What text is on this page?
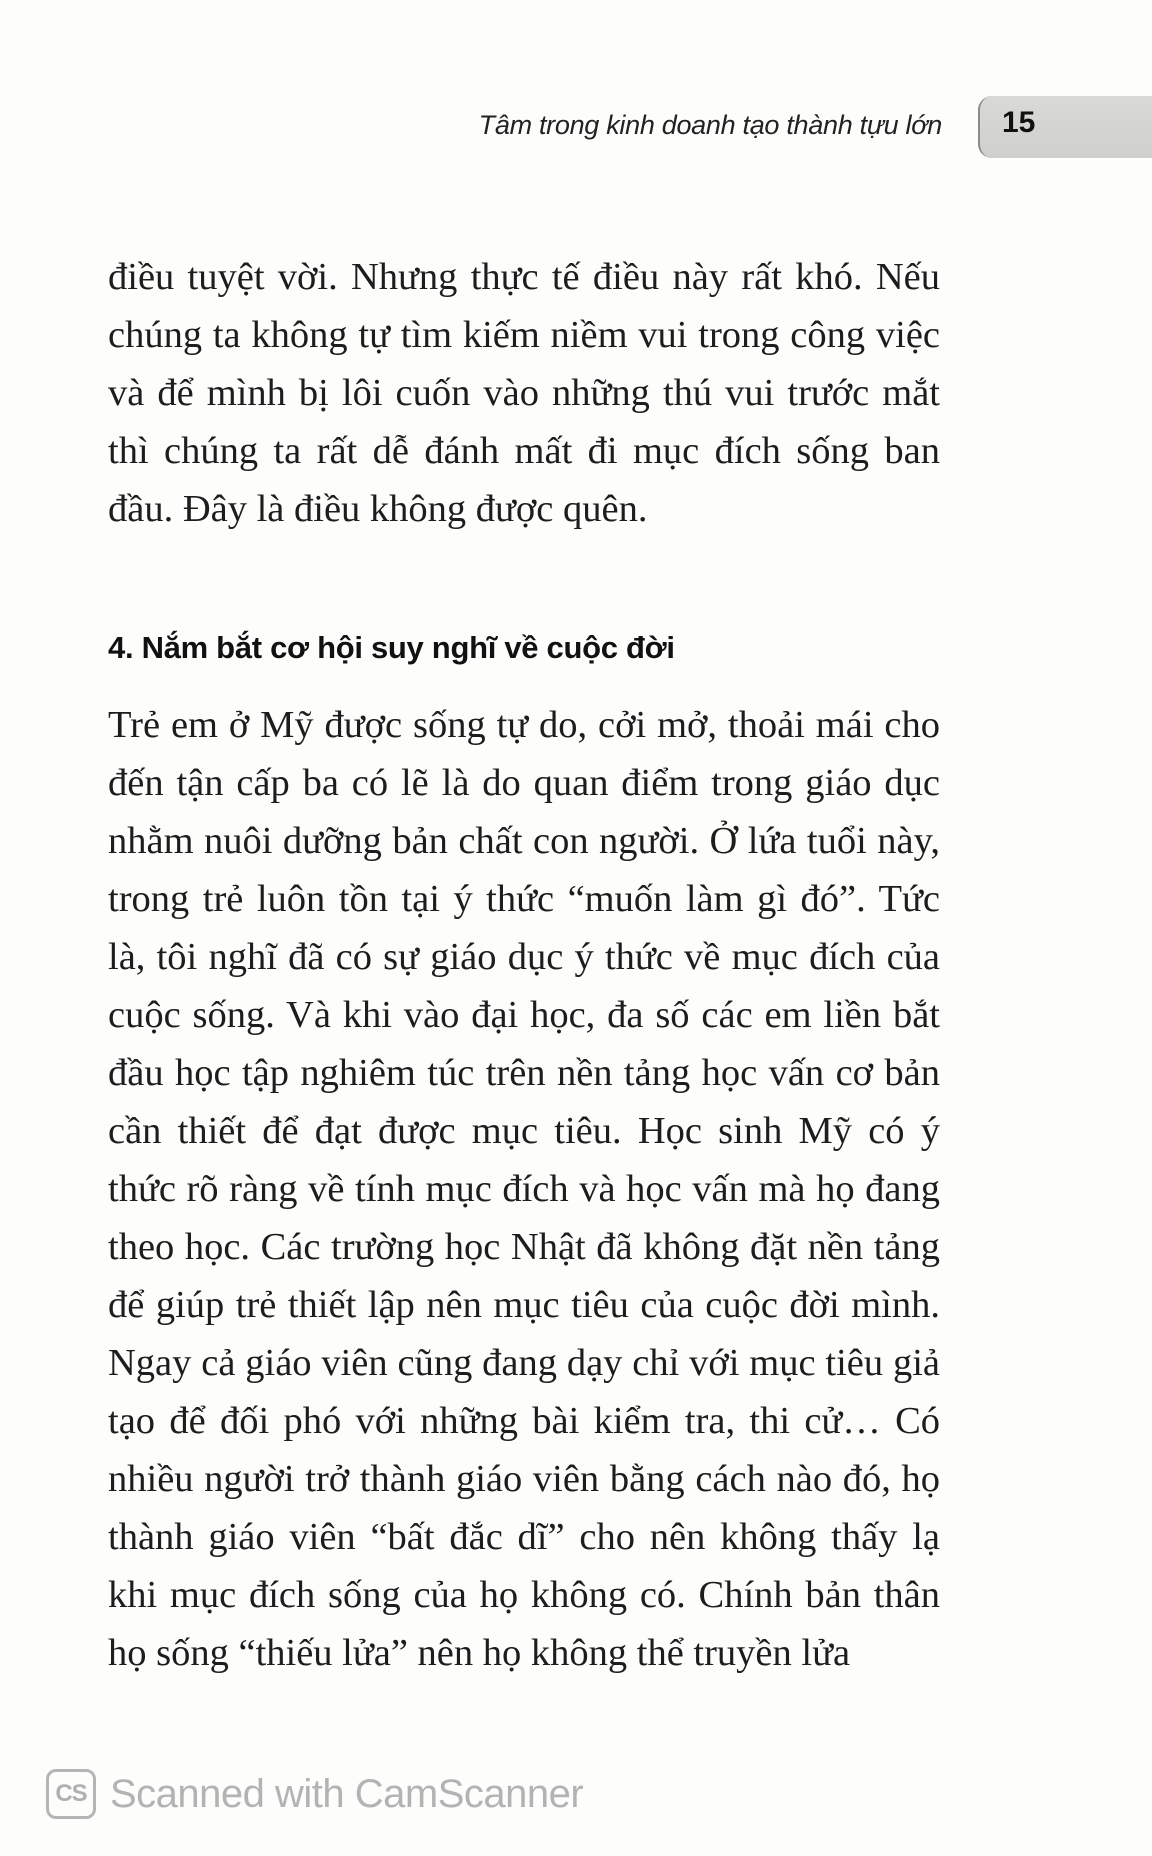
Tâm trong kinh doanh tạo thành tựu lớn 15

điều tuyệt vời. Nhưng thực tế điều này rất khó. Nếu chúng ta không tự tìm kiếm niềm vui trong công việc và để mình bị lôi cuốn vào những thú vui trước mắt thì chúng ta rất dễ đánh mất đi mục đích sống ban đầu. Đây là điều không được quên.

4. Nắm bắt cơ hội suy nghĩ về cuộc đời

Trẻ em ở Mỹ được sống tự do, cởi mở, thoải mái cho đến tận cấp ba có lẽ là do quan điểm trong giáo dục nhằm nuôi dưỡng bản chất con người. Ở lứa tuổi này, trong trẻ luôn tồn tại ý thức “muốn làm gì đó”. Tức là, tôi nghĩ đã có sự giáo dục ý thức về mục đích của cuộc sống. Và khi vào đại học, đa số các em liền bắt đầu học tập nghiêm túc trên nền tảng học vấn cơ bản cần thiết để đạt được mục tiêu. Học sinh Mỹ có ý thức rõ ràng về tính mục đích và học vấn mà họ đang theo học. Các trường học Nhật đã không đặt nền tảng để giúp trẻ thiết lập nên mục tiêu của cuộc đời mình. Ngay cả giáo viên cũng đang dạy chỉ với mục tiêu giả tạo để đối phó với những bài kiểm tra, thi cử… Có nhiều người trở thành giáo viên bằng cách nào đó, họ thành giáo viên “bất đắc dĩ” cho nên không thấy lạ khi mục đích sống của họ không có. Chính bản thân họ sống “thiếu lửa” nên họ không thể truyền lửa

CS Scanned with CamScanner
